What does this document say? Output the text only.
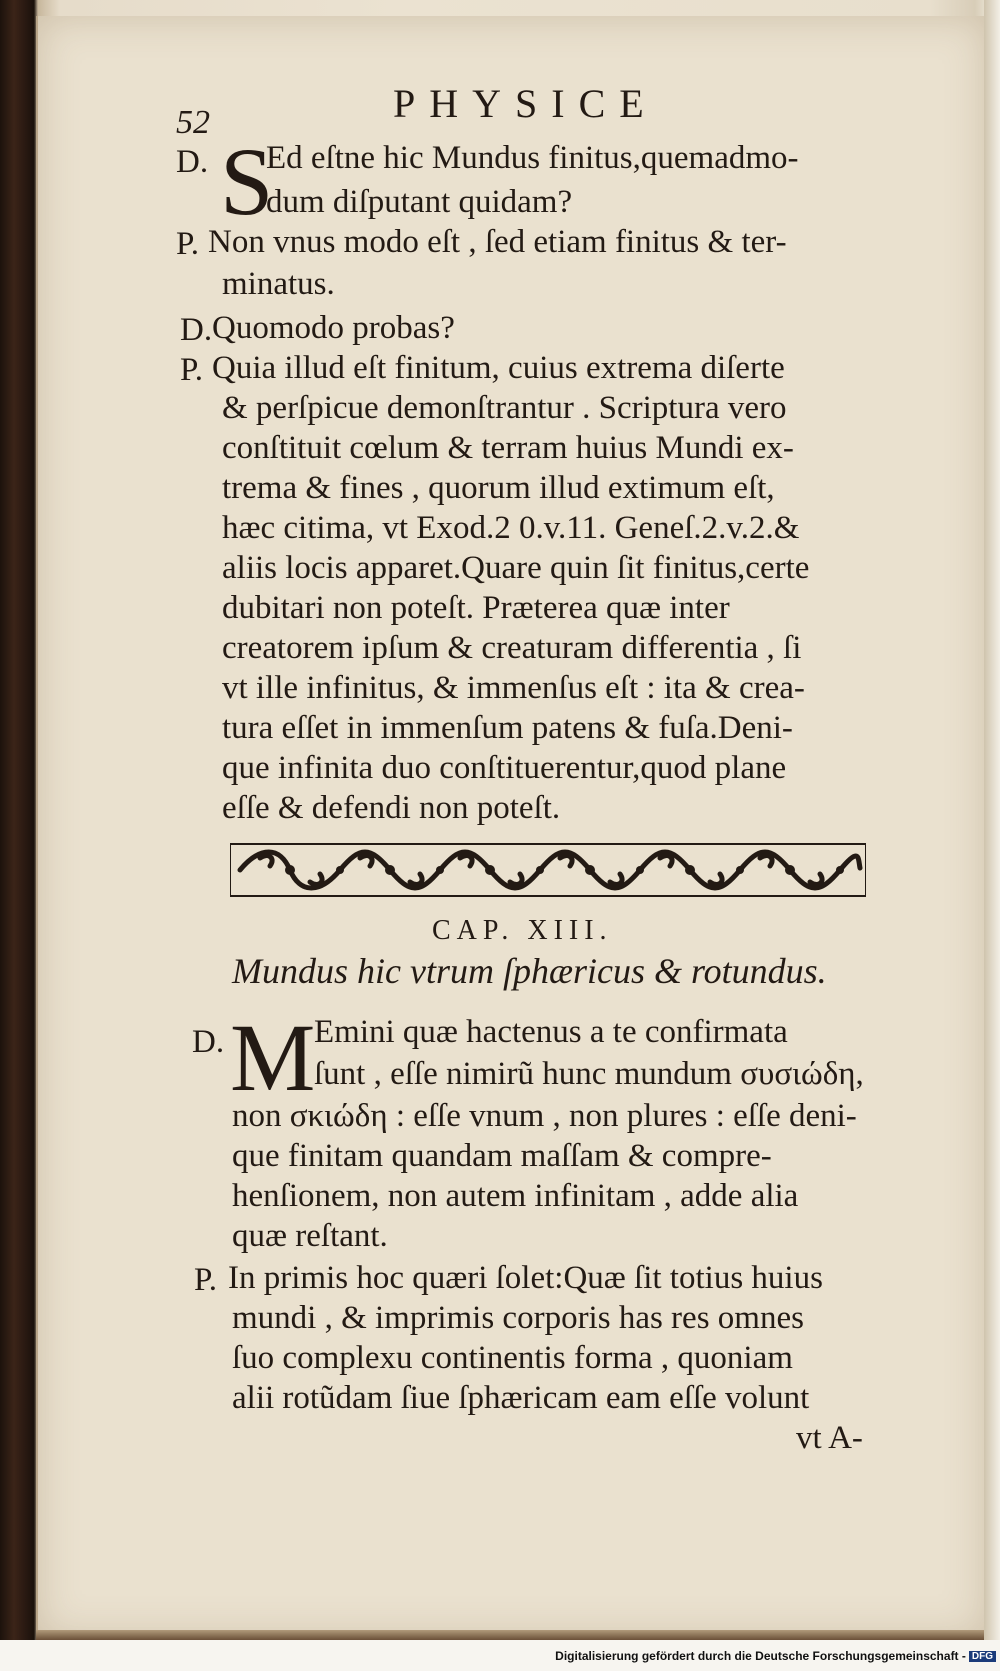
52	PHYSICE
D. S
Ed eſtne hic Mundus finitus,quemadmo-
dum diſputant quidam?
P. Non vnus modo eſt , ſed etiam finitus & ter-
minatus.
D. Quomodo probas?
P. Quia illud eſt finitum, cuius extrema diſerte
& perſpicue demonſtrantur . Scriptura vero
conſtituit cœlum & terram huius Mundi ex-
trema & fines , quorum illud extimum eſt,
hæc citima, vt Exod.2 0.v.11. Geneſ.2.v.2.&
aliis locis apparet.Quare quin ſit finitus,certe
dubitari non poteſt. Præterea quæ inter
creatorem ipſum & creaturam differentia , ſi
vt ille infinitus, & immenſus eſt : ita & crea-
tura eſſet in immenſum patens & fuſa.Deni-
que infinita duo conſtituerentur,quod plane
eſſe & defendi non poteſt.
CAP. XIII.
Mundus hic vtrum ſphæricus & rotundus.
D. M
Emini quæ hactenus a te confirmata
ſunt , eſſe nimirũ hunc mundum συσιώδη,
non σκιώδη : eſſe vnum , non plures : eſſe deni-
que finitam quandam maſſam & compre-
henſionem, non autem infinitam , adde alia
quæ reſtant.
P. In primis hoc quæri ſolet:Quæ ſit totius huius
mundi , & imprimis corporis has res omnes
ſuo complexu continentis forma , quoniam
alii rotũdam ſiue ſphæricam eam eſſe volunt
vt A-
Digitalisierung gefördert durch die Deutsche Forschungsgemeinschaft - DFG
